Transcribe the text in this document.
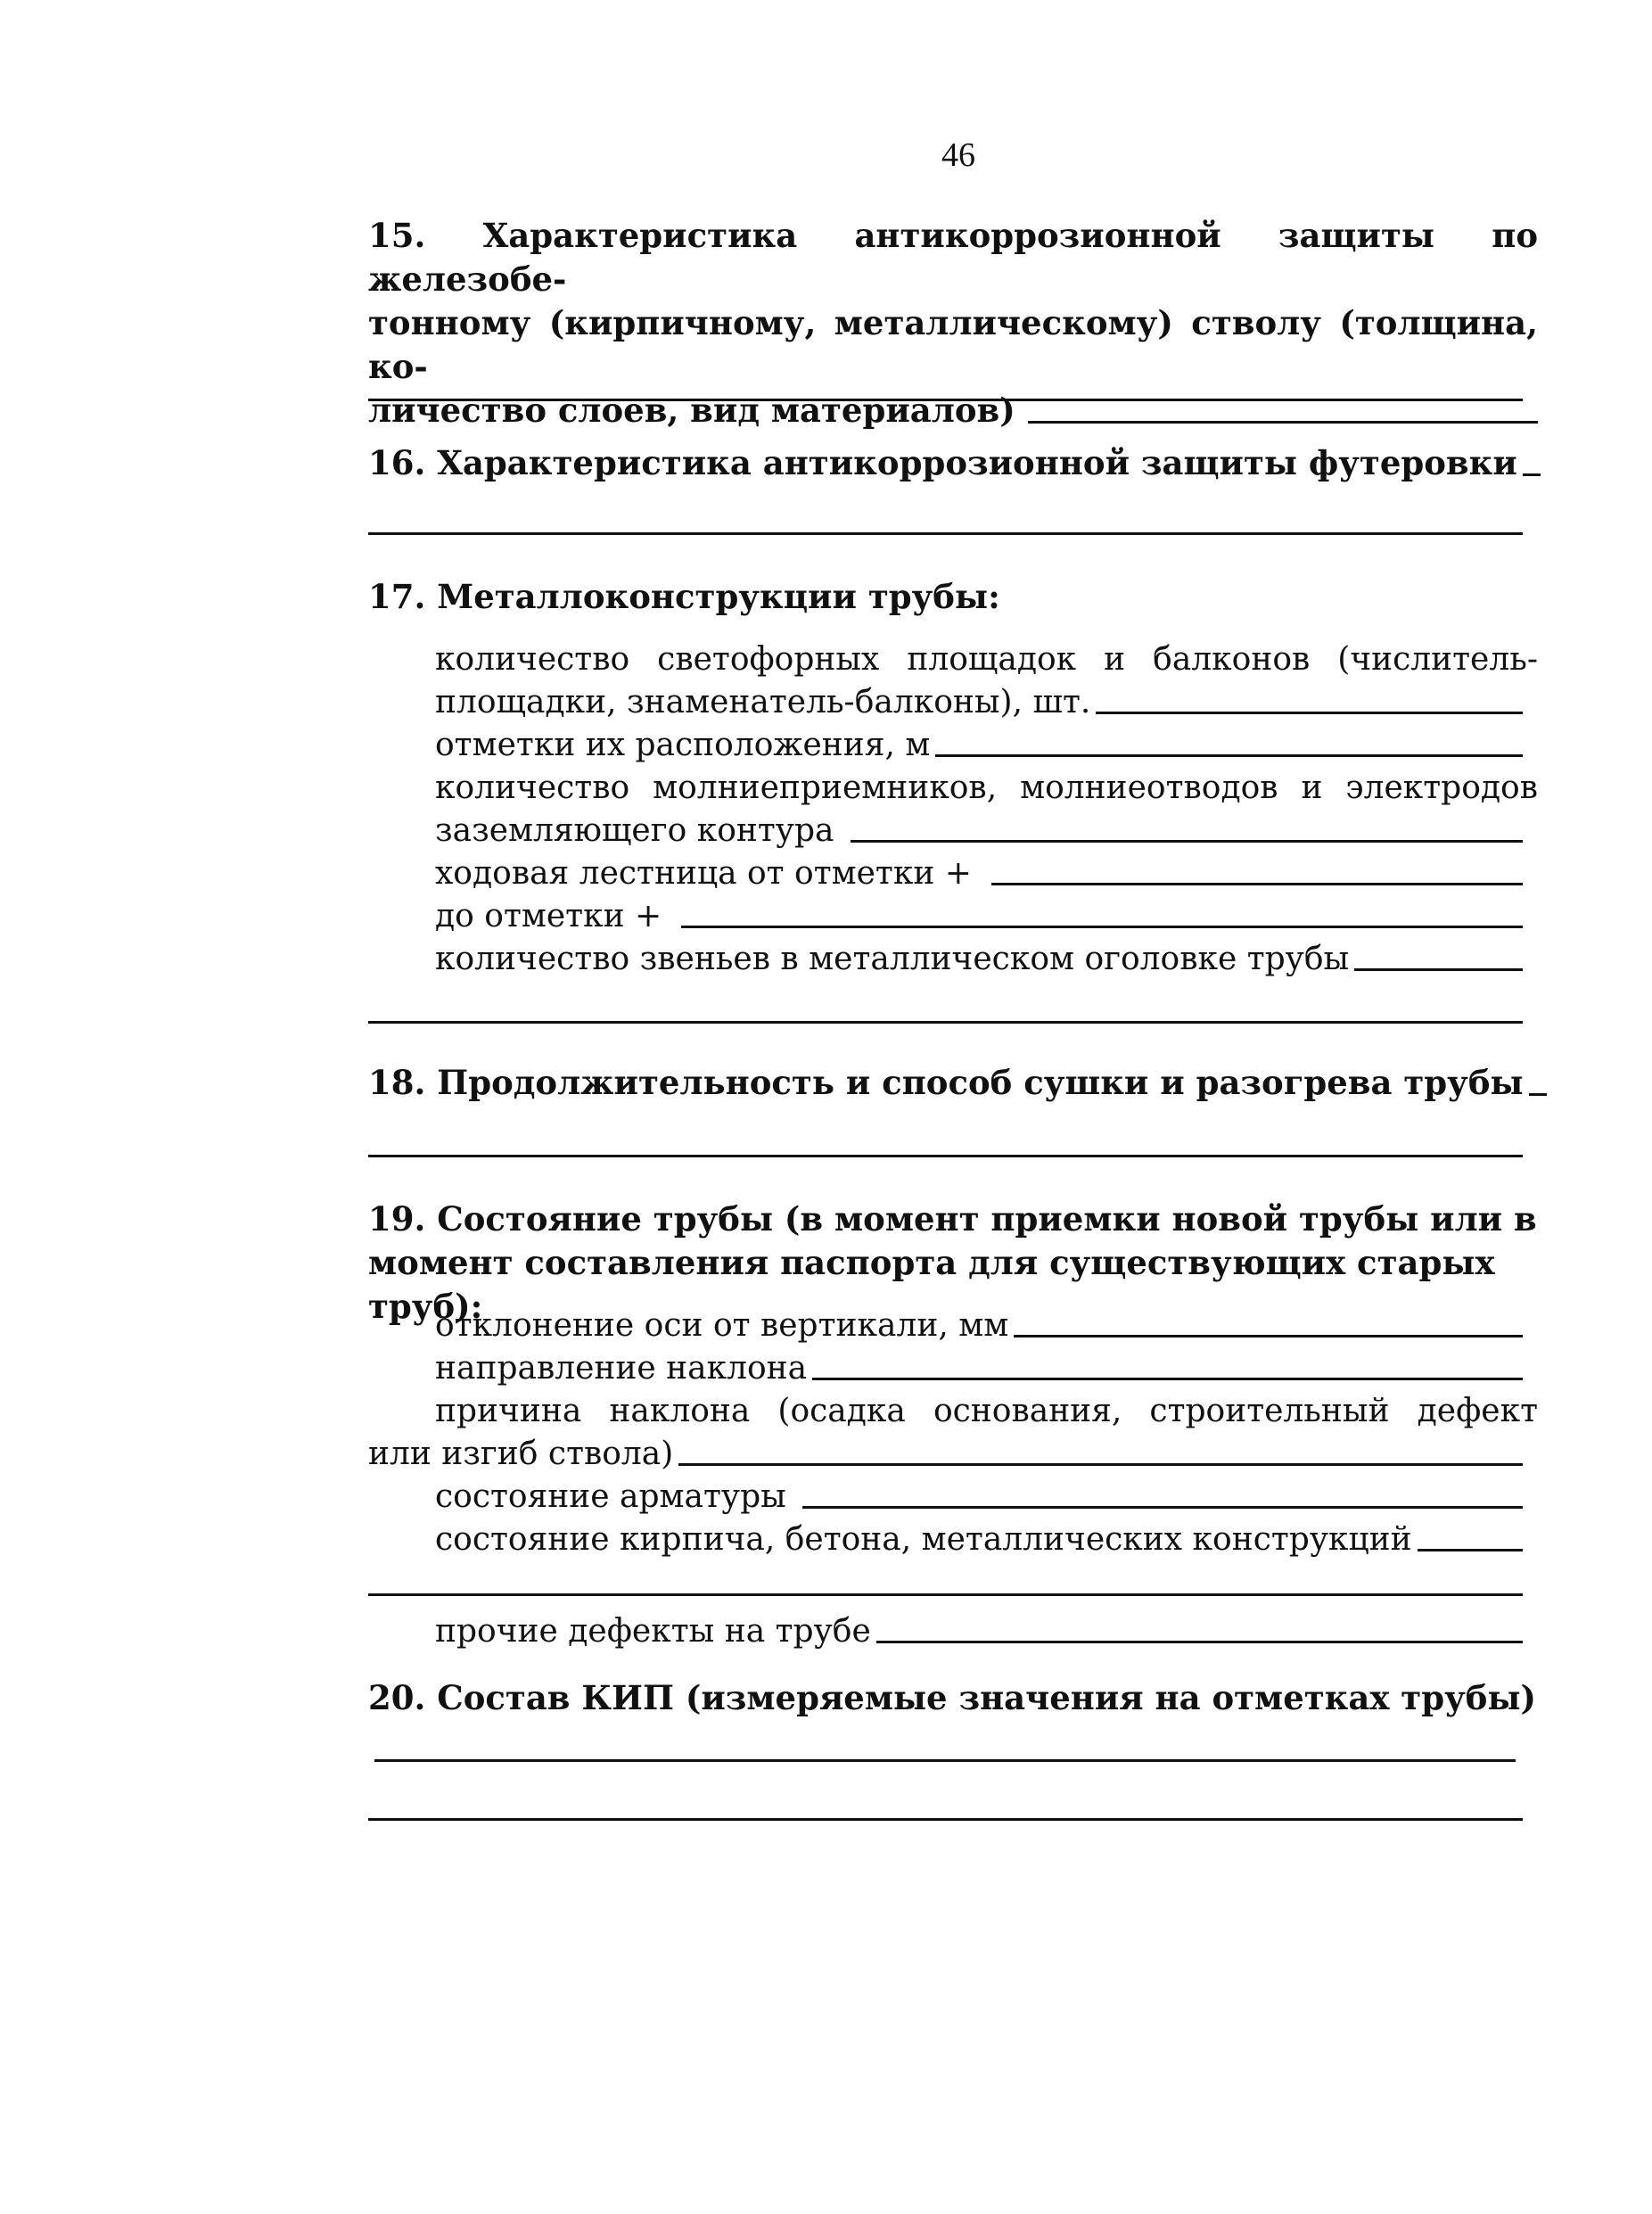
46
15. Характеристика антикоррозионной защиты по железобе-
тонному (кирпичному, металлическому) стволу (толщина, ко-
личество слоев, вид материалов)
16. Характеристика антикоррозионной защиты футеровки
17. Металлоконструкции трубы:
количество светофорных площадок и балконов (числитель-
площадки, знаменатель-балконы), шт.
отметки их расположения, м
количество молниеприемников, молниеотводов и электродов
заземляющего контура
ходовая лестница от отметки +
до отметки +
количество звеньев в металлическом оголовке трубы
18. Продолжительность и способ сушки и разогрева трубы
19. Состояние трубы (в момент приемки новой трубы или в
момент составления паспорта для существующих старых труб):
отклонение оси от вертикали, мм
направление наклона
причина наклона (осадка основания, строительный дефект
или изгиб ствола)
состояние арматуры
состояние кирпича, бетона, металлических конструкций
прочие дефекты на трубе
20. Состав КИП (измеряемые значения на отметках трубы)
